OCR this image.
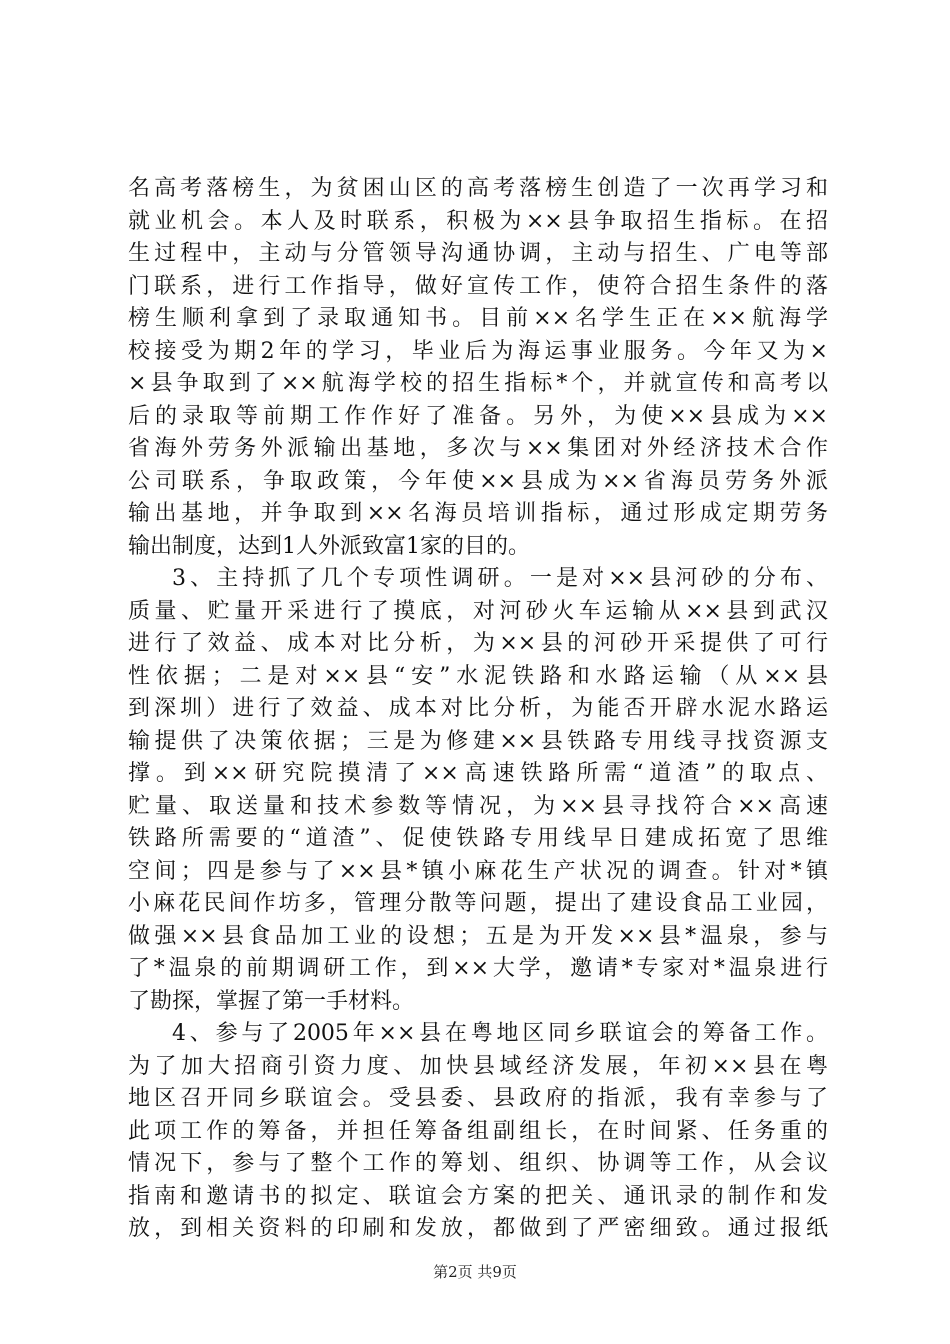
名高考落榜生，为贫困山区的高考落榜生创造了一次再学习和
就业机会。本人及时联系，积极为××县争取招生指标。在招
生过程中，主动与分管领导沟通协调，主动与招生、广电等部
门联系，进行工作指导，做好宣传工作，使符合招生条件的落
榜生顺利拿到了录取通知书。目前××名学生正在××航海学
校接受为期2年的学习，毕业后为海运事业服务。今年又为×
×县争取到了××航海学校的招生指标*个，并就宣传和高考以
后的录取等前期工作作好了准备。另外，为使××县成为××
省海外劳务外派输出基地，多次与××集团对外经济技术合作
公司联系，争取政策，今年使××县成为××省海员劳务外派
输出基地，并争取到××名海员培训指标，通过形成定期劳务
输出制度，达到1人外派致富1家的目的。
3、主持抓了几个专项性调研。一是对××县河砂的分布、
质量、贮量开采进行了摸底，对河砂火车运输从××县到武汉
进行了效益、成本对比分析，为××县的河砂开采提供了可行
性依据；二是对××县“安”水泥铁路和水路运输（从××县
到深圳）进行了效益、成本对比分析，为能否开辟水泥水路运
输提供了决策依据；三是为修建××县铁路专用线寻找资源支
撑。到××研究院摸清了××高速铁路所需“道渣”的取点、
贮量、取送量和技术参数等情况，为××县寻找符合××高速
铁路所需要的“道渣”、促使铁路专用线早日建成拓宽了思维
空间；四是参与了××县*镇小麻花生产状况的调查。针对*镇
小麻花民间作坊多，管理分散等问题，提出了建设食品工业园，
做强××县食品加工业的设想；五是为开发××县*温泉，参与
了*温泉的前期调研工作，到××大学，邀请*专家对*温泉进行
了勘探，掌握了第一手材料。
4、参与了2005年××县在粤地区同乡联谊会的筹备工作。
为了加大招商引资力度、加快县域经济发展，年初××县在粤
地区召开同乡联谊会。受县委、县政府的指派，我有幸参与了
此项工作的筹备，并担任筹备组副组长，在时间紧、任务重的
情况下，参与了整个工作的筹划、组织、协调等工作，从会议
指南和邀请书的拟定、联谊会方案的把关、通讯录的制作和发
放，到相关资料的印刷和发放，都做到了严密细致。通过报纸
第2页 共9页
